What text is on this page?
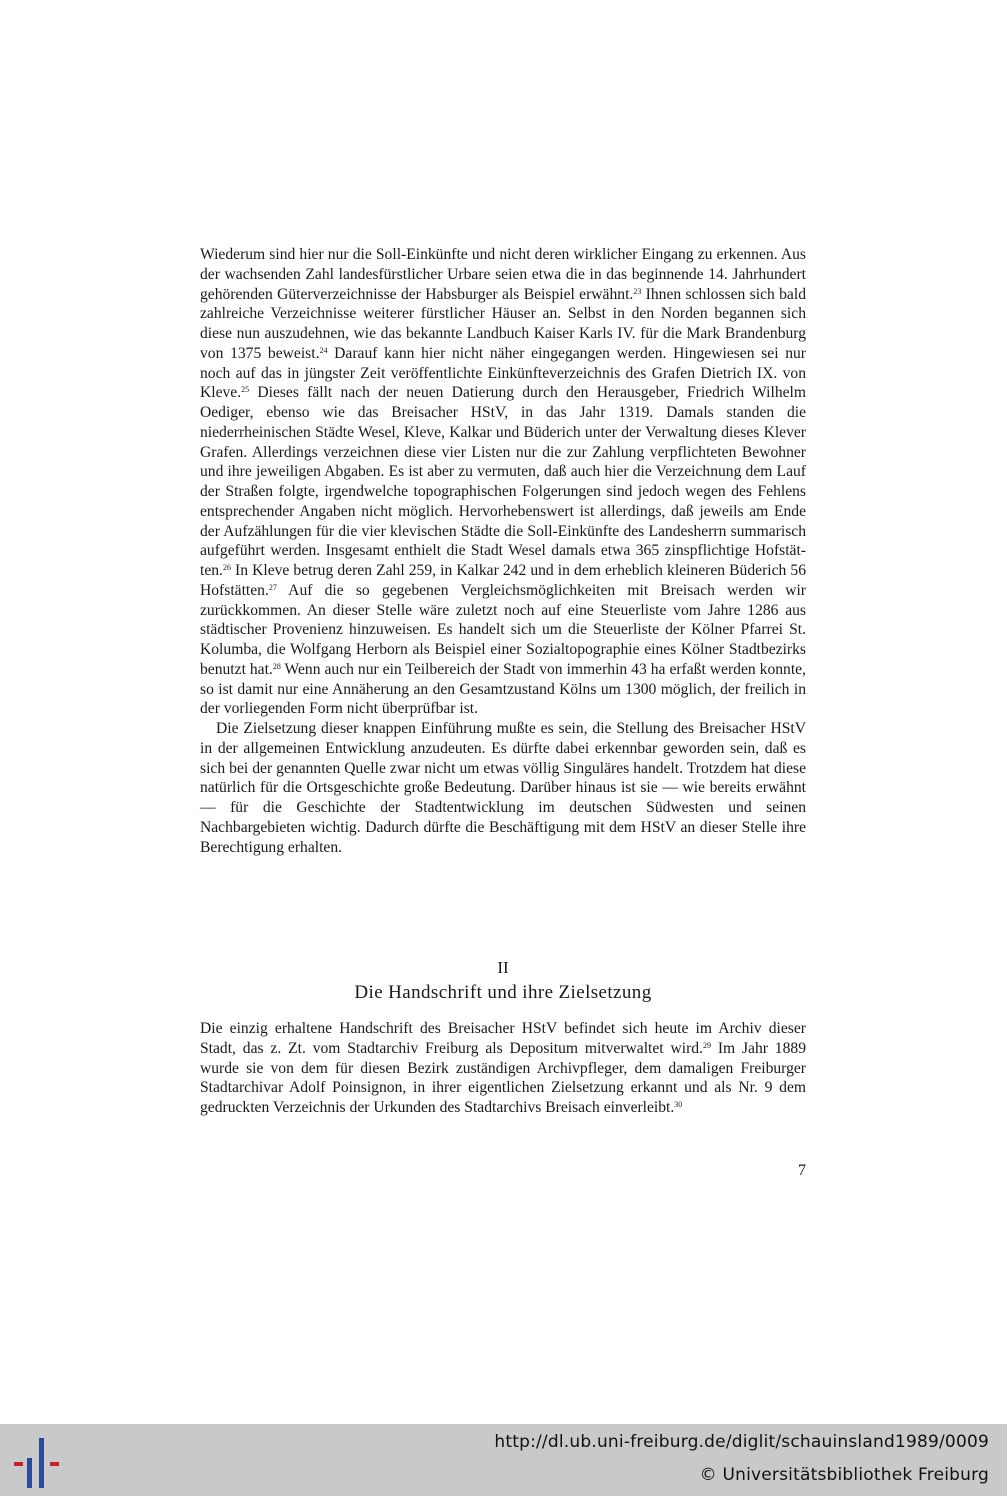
Wiederum sind hier nur die Soll-Einkünfte und nicht deren wirklicher Eingang zu erkennen. Aus der wachsenden Zahl landesfürstlicher Urbare seien etwa die in das beginnende 14. Jahrhundert gehörenden Güterverzeichnisse der Habsburger als Beispiel erwähnt.$^{23}$ Ihnen schlossen sich bald zahlreiche Verzeichnisse weiterer fürstlicher Häuser an. Selbst in den Norden begannen sich diese nun auszudehnen, wie das bekannte Landbuch Kaiser Karls IV. für die Mark Brandenburg von 1375 beweist.$^{24}$ Darauf kann hier nicht näher eingegangen werden. Hingewiesen sei nur noch auf das in jüngster Zeit veröffentlichte Einkünfteverzeichnis des Grafen Dietrich IX. von Kleve.$^{25}$ Dieses fällt nach der neuen Datierung durch den Herausgeber, Friedrich Wilhelm Oediger, ebenso wie das Breisacher HStV, in das Jahr 1319. Damals standen die niederrheinischen Städte Wesel, Kleve, Kalkar und Büderich unter der Verwaltung dieses Klever Grafen. Allerdings verzeichnen diese vier Listen nur die zur Zahlung verpflichteten Bewohner und ihre jeweiligen Abgaben. Es ist aber zu vermuten, daß auch hier die Verzeichnung dem Lauf der Straßen folgte, irgendwelche topographischen Folgerungen sind jedoch wegen des Fehlens entsprechender Angaben nicht möglich. Hervorhebenswert ist allerdings, daß jeweils am Ende der Aufzählungen für die vier klevischen Städte die Soll-Einkünfte des Landesherrn summarisch aufgeführt werden. Insgesamt enthielt die Stadt Wesel damals etwa 365 zinspflichtige Hofstätten.$^{26}$ In Kleve betrug deren Zahl 259, in Kalkar 242 und in dem erheblich kleineren Büderich 56 Hofstätten.$^{27}$ Auf die so gegebenen Vergleichsmöglichkeiten mit Breisach werden wir zurückkommen. An dieser Stelle wäre zuletzt noch auf eine Steuerliste vom Jahre 1286 aus städtischer Provenienz hinzuweisen. Es handelt sich um die Steuerliste der Kölner Pfarrei St. Kolumba, die Wolfgang Herborn als Beispiel einer Sozialtopographie eines Kölner Stadtbezirks benutzt hat.$^{28}$ Wenn auch nur ein Teilbereich der Stadt von immerhin 43 ha erfaßt werden konnte, so ist damit nur eine Annäherung an den Gesamtzustand Kölns um 1300 möglich, der freilich in der vorliegenden Form nicht überprüfbar ist.

Die Zielsetzung dieser knappen Einführung mußte es sein, die Stellung des Breisacher HStV in der allgemeinen Entwicklung anzudeuten. Es dürfte dabei erkennbar geworden sein, daß es sich bei der genannten Quelle zwar nicht um etwas völlig Singuläres handelt. Trotzdem hat diese natürlich für die Ortsgeschichte große Bedeutung. Darüber hinaus ist sie — wie bereits erwähnt — für die Geschichte der Stadtentwicklung im deutschen Südwesten und seinen Nachbargebieten wichtig. Dadurch dürfte die Beschäftigung mit dem HStV an dieser Stelle ihre Berechtigung erhalten.

II
Die Handschrift und ihre Zielsetzung

Die einzig erhaltene Handschrift des Breisacher HStV befindet sich heute im Archiv dieser Stadt, das z. Zt. vom Stadtarchiv Freiburg als Depositum mitverwaltet wird.$^{29}$ Im Jahr 1889 wurde sie von dem für diesen Bezirk zuständigen Archivpfleger, dem damaligen Freiburger Stadtarchivar Adolf Poinsignon, in ihrer eigentlichen Zielsetzung erkannt und als Nr. 9 dem gedruckten Verzeichnis der Urkunden des Stadtarchivs Breisach einverleibt.$^{30}$

7
http://dl.ub.uni-freiburg.de/diglit/schauinsland1989/0009
© Universitätsbibliothek Freiburg
